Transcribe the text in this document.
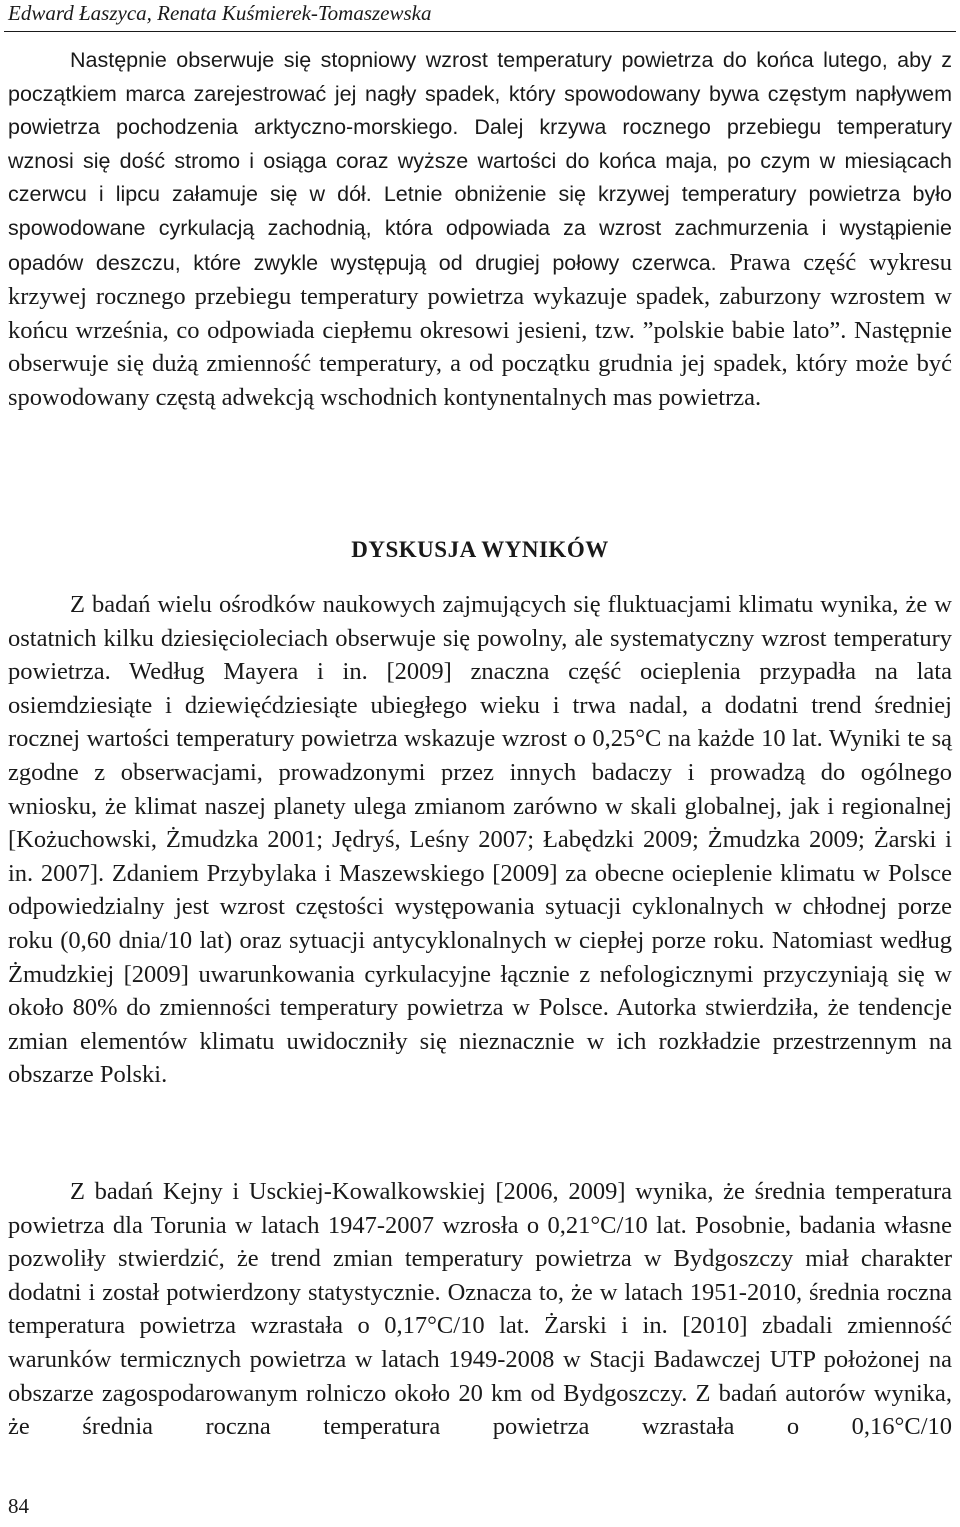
Edward Łaszyca, Renata Kuśmierek-Tomaszewska

Następnie obserwuje się stopniowy wzrost temperatury powietrza do końca lutego, aby z początkiem marca zarejestrować jej nagły spadek, który spowodowany bywa częstym napływem powietrza pochodzenia arktyczno-morskiego. Dalej krzywa rocznego przebiegu temperatury wznosi się dość stromo i osiąga coraz wyższe wartości do końca maja, po czym w miesiącach czerwcu i lipcu załamuje się w dół. Letnie obniżenie się krzywej temperatury powietrza było spowodowane cyrkulacją zachodnią, która odpowiada za wzrost zachmurzenia i wystąpienie opadów deszczu, które zwykle występują od drugiej połowy czerwca. Prawa część wykresu krzywej rocznego przebiegu temperatury powietrza wykazuje spadek, zaburzony wzrostem w końcu września, co odpowiada ciepłemu okresowi jesieni, tzw. ”polskie babie lato”. Następnie obserwuje się dużą zmienność temperatury, a od początku grudnia jej spadek, który może być spowodowany częstą adwekcją wschodnich kontynentalnych mas powietrza.

DYSKUSJA WYNIKÓW

Z badań wielu ośrodków naukowych zajmujących się fluktuacjami klimatu wynika, że w ostatnich kilku dziesięcioleciach obserwuje się powolny, ale systematyczny wzrost temperatury powietrza. Według Mayera i in. [2009] znaczna część ocieplenia przypadła na lata osiemdziesiąte i dziewięćdziesiąte ubiegłego wieku i trwa nadal, a dodatni trend średniej rocznej wartości temperatury powietrza wskazuje wzrost o 0,25°C na każde 10 lat. Wyniki te są zgodne z obserwacjami, prowadzonymi przez innych badaczy i prowadzą do ogólnego wniosku, że klimat naszej planety ulega zmianom zarówno w skali globalnej, jak i regionalnej [Kożuchowski, Żmudzka 2001; Jędryś, Leśny 2007; Łabędzki 2009; Żmudzka 2009; Żarski i in. 2007]. Zdaniem Przybylaka i Maszewskiego [2009] za obecne ocieplenie klimatu w Polsce odpowiedzialny jest wzrost częstości występowania sytuacji cyklonalnych w chłodnej porze roku (0,60 dnia/10 lat) oraz sytuacji antycyklonalnych w ciepłej porze roku. Natomiast według Żmudzkiej [2009] uwarunkowania cyrkulacyjne łącznie z nefologicznymi przyczyniają się w około 80% do zmienności temperatury powietrza w Polsce. Autorka stwierdziła, że tendencje zmian elementów klimatu uwidoczniły się nieznacznie w ich rozkładzie przestrzennym na obszarze Polski.

Z badań Kejny i Usckiej-Kowalkowskiej [2006, 2009] wynika, że średnia temperatura powietrza dla Torunia w latach 1947-2007 wzrosła o 0,21°C/10 lat. Posobnie, badania własne pozwoliły stwierdzić, że trend zmian temperatury powietrza w Bydgoszczy miał charakter dodatni i został potwierdzony statystycznie. Oznacza to, że w latach 1951-2010, średnia roczna temperatura powietrza wzrastała o 0,17°C/10 lat. Żarski i in. [2010] zbadali zmienność warunków termicznych powietrza w latach 1949-2008 w Stacji Badawczej UTP położonej na obszarze zagospodarowanym rolniczo około 20 km od Bydgoszczy. Z badań autorów wynika, że średnia roczna temperatura powietrza wzrastała o 0,16°C/10

84
